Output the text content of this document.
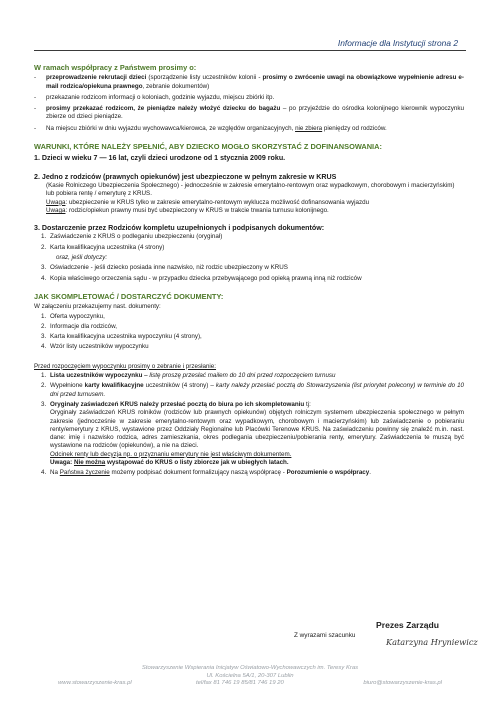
Informacje dla Instytucji strona 2
W ramach współpracy z Państwem prosimy o:
- przeprowadzenie rekrutacji dzieci (sporządzenie listy uczestników kolonii - prosimy o zwrócenie uwagi na obowiązkowe wypełnienie adresu e-mail rodzica/opiekuna prawnego, zebranie dokumentów)
- przekazanie rodzicom informacji o koloniach, godzinie wyjazdu, miejscu zbiórki itp.
- prosimy przekazać rodzicom, że pieniądze należy włożyć dziecku do bagażu – po przyjeździe do ośrodka kolonijnego kierownik wypoczynku zbierze od dzieci pieniądze.
- Na miejscu zbiórki w dniu wyjazdu wychowawca/kierowca, ze względów organizacyjnych, nie zbiera pieniędzy od rodziców.
WARUNKI, KTÓRE NALEŻY SPEŁNIĆ, ABY DZIECKO MOGŁO SKORZYSTAĆ Z DOFINANSOWANIA:
1. Dzieci w wieku 7 — 16 lat, czyli dzieci urodzone od 1 stycznia 2009 roku.
2. Jedno z rodziców (prawnych opiekunów) jest ubezpieczone w pełnym zakresie w KRUS
(Kasie Rolniczego Ubezpieczenia Społecznego) - jednocześnie w zakresie emerytalno-rentowym oraz wypadkowym, chorobowym i macierzyńskim) lub pobiera rentę / emeryturę z KRUS.
Uwaga: ubezpieczenie w KRUS tylko w zakresie emerytalno-rentowym wyklucza możliwość dofinansowania wyjazdu
Uwaga: rodzic/opiekun prawny musi być ubezpieczony w KRUS w trakcie trwania turnusu kolonijnego.
3. Dostarczenie przez Rodziców kompletu uzupełnionych i podpisanych dokumentów:
1. Zaświadczenie z KRUS o podleganiu ubezpieczeniu (oryginał)
2. Karta kwalifikacyjna uczestnika (4 strony)
oraz, jeśli dotyczy:
3. Oświadczenie - jeśli dziecko posiada inne nazwisko, niż rodzic ubezpieczony w KRUS
4. Kopia właściwego orzeczenia sądu - w przypadku dziecka przebywającego pod opieką prawną inną niż rodziców
JAK SKOMPLETOWAĆ / DOSTARCZYĆ DOKUMENTY:
W załączeniu przekazujemy nast. dokumenty:
1. Oferta wypoczynku,
2. Informacje dla rodziców,
3. Karta kwalifikacyjna uczestnika wypoczynku (4 strony),
4. Wzór listy uczestników wypoczynku
Przed rozpoczęciem wypoczynku prosimy o zebranie i przesłanie:
1. Lista uczestników wypoczynku – listę proszę przesłać mailem do 10 dni przed rozpoczęciem turnusu
2. Wypełnione karty kwalifikacyjne uczestników (4 strony) – karty należy przesłać pocztą do Stowarzyszenia (list priorytet polecony) w terminie do 10 dni przed turnusem.
3. Oryginały zaświadczeń KRUS należy przesłać pocztą do biura po ich skompletowaniu tj:
Oryginały zaświadczeń KRUS rolników (rodziców lub prawnych opiekunów) objętych rolniczym systemem ubezpieczenia społecznego w pełnym zakresie (jednocześnie w zakresie emerytalno-rentowym oraz wypadkowym, chorobowym i macierzyńskim) lub zaświadczenie o pobieraniu renty/emerytury z KRUS, wystawione przez Oddziały Regionalne lub Placówki Terenowe KRUS. Na zaświadczeniu powinny się znaleźć m.in. nast. dane: imię i nazwisko rodzica, adres zamieszkania, okres podlegania ubezpieczeniu/pobierania renty, emerytury. Zaświadczenia te muszą być wystawione na rodziców (opiekunów), a nie na dzieci.
Odcinek renty lub decyzja np. o przyznaniu emerytury nie jest właściwym dokumentem.
Uwaga: Nie można wystąpować do KRUS o listy zbiorcze jak w ubiegłych latach.
4. Na Państwa życzenie możemy podpisać dokument formalizujący naszą współpracę - Porozumienie o współpracy.
Prezes Zarządu
Z wyrazami szacunku
Katarzyna Hryniewicz
Stowarzyszenie Wspierania Inicjatyw Oświatowo-Wychowawczych im. Teresy Kras
Ul. Kościelna 5A/1, 20-307 Lublin
www.stowarzyszenie-kras.pl	tel/fax 81 746 19 85/81 746 19 20	biuro@stowarzyszenie-kras.pl
